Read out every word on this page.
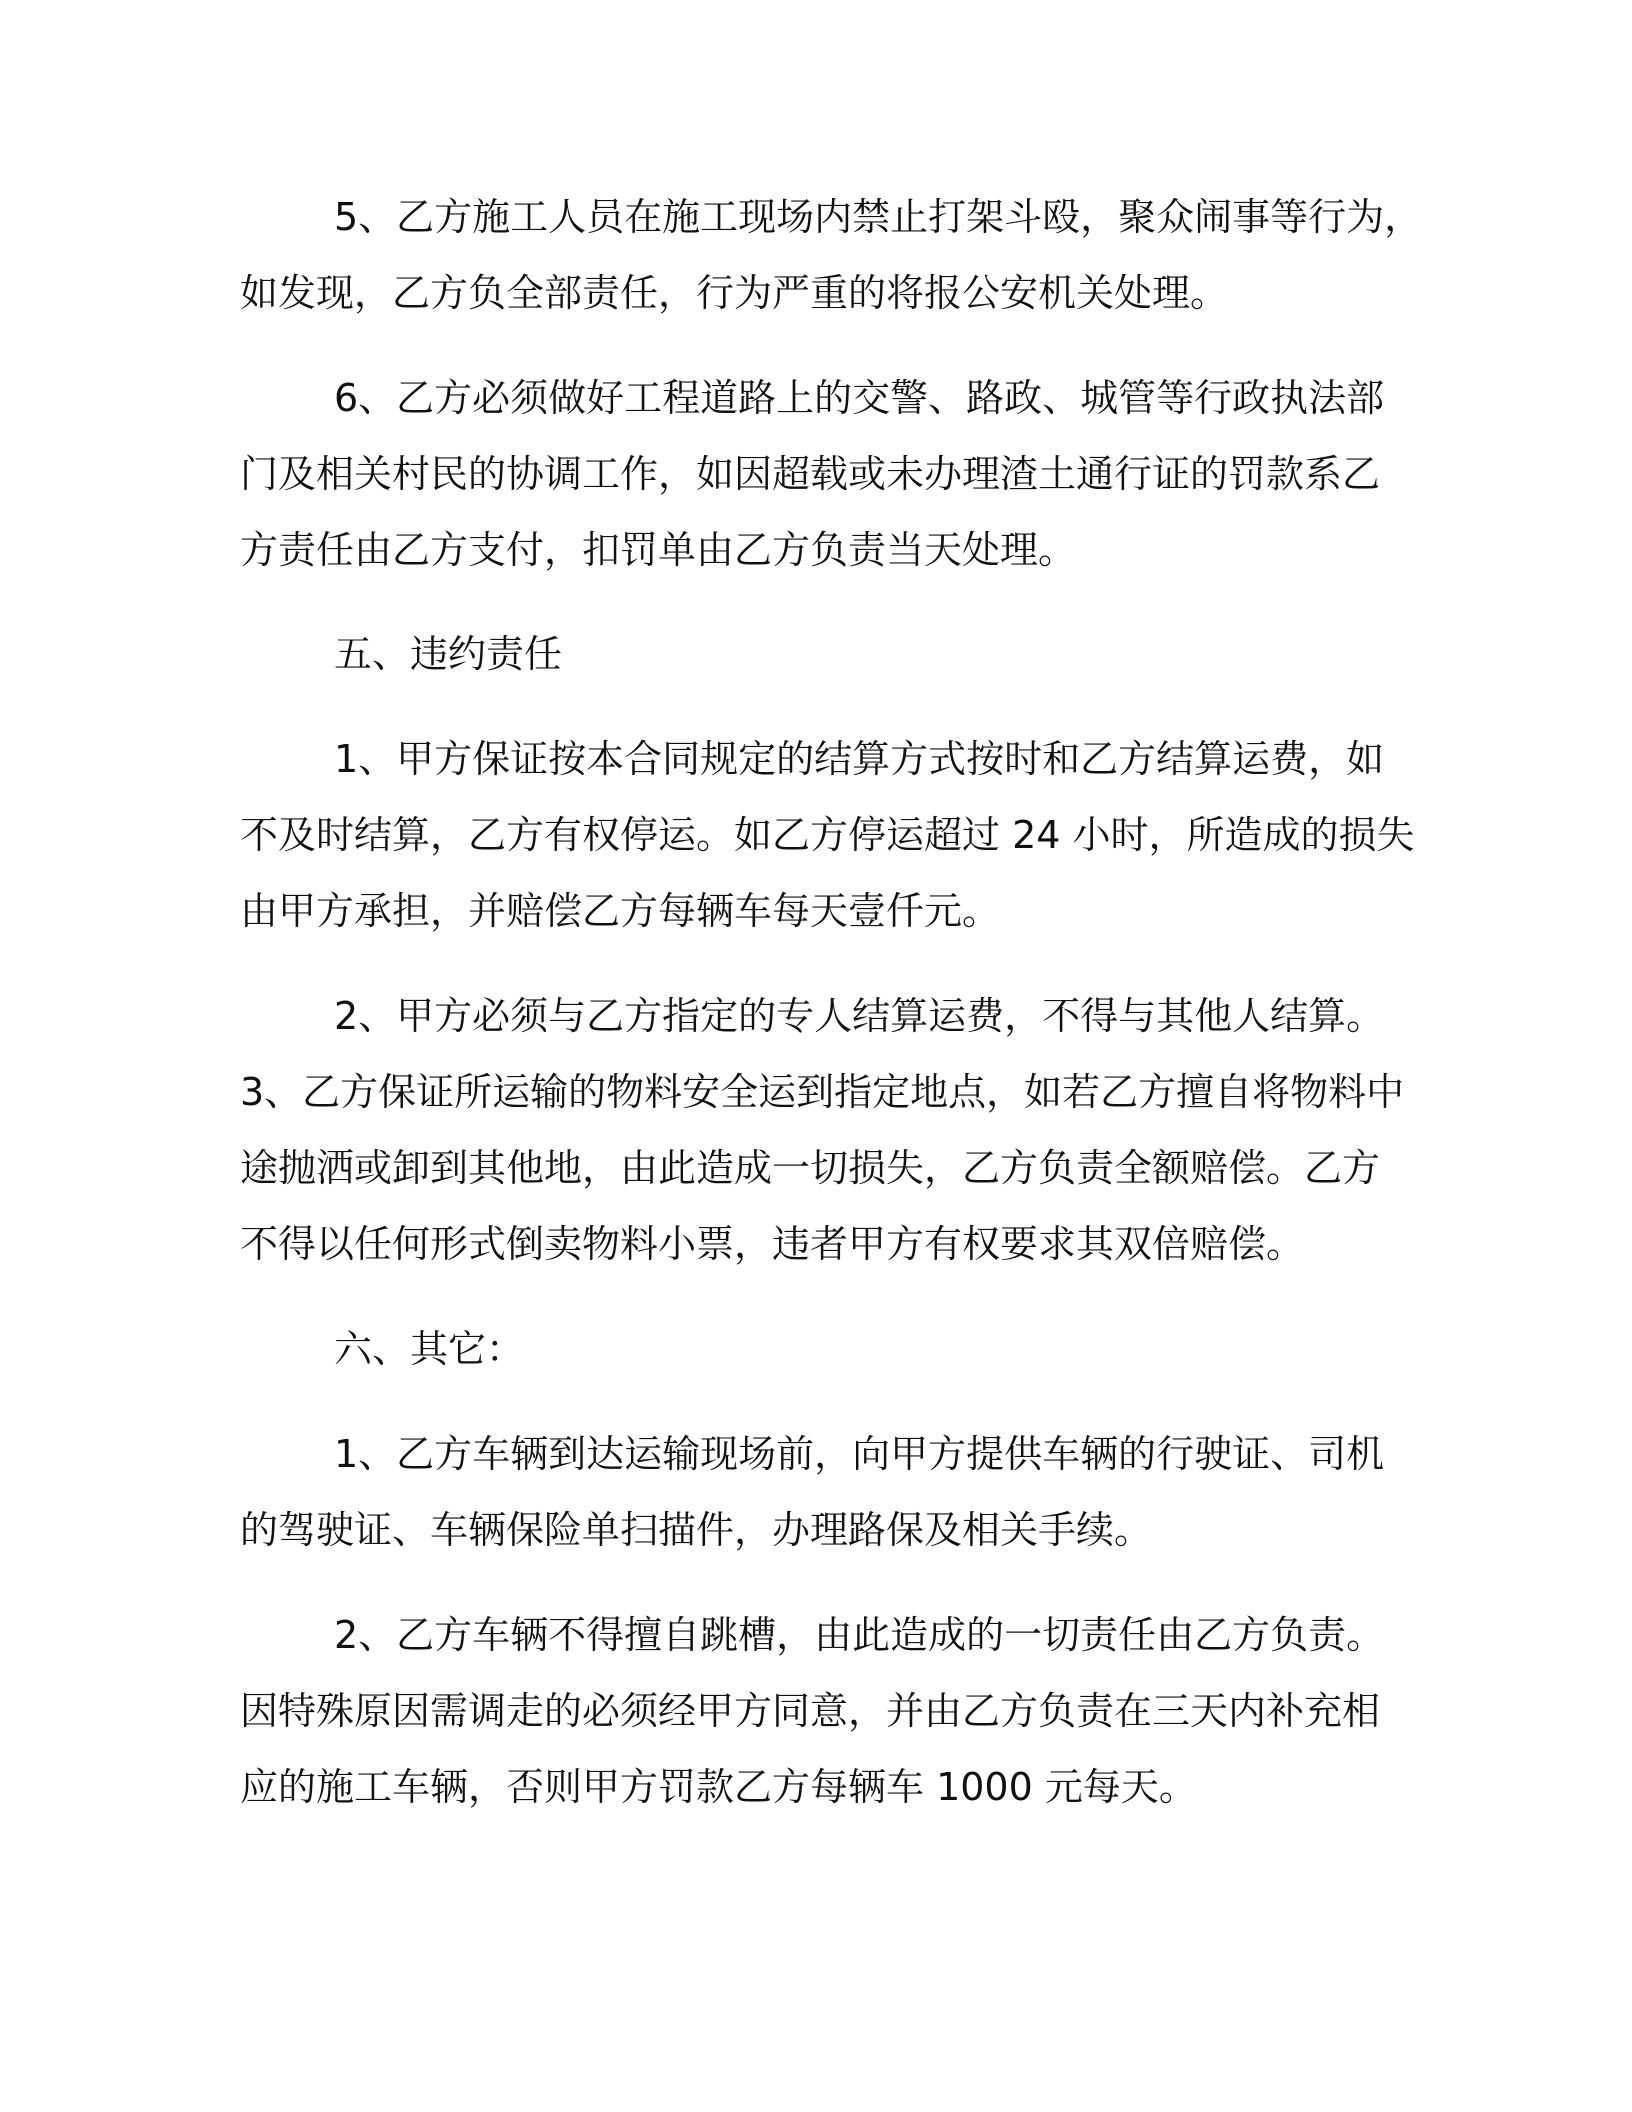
5、乙方施工人员在施工现场内禁止打架斗殴，聚众闹事等行为，
如发现，乙方负全部责任，行为严重的将报公安机关处理。
6、乙方必须做好工程道路上的交警、路政、城管等行政执法部
门及相关村民的协调工作，如因超载或未办理渣土通行证的罚款系乙
方责任由乙方支付，扣罚单由乙方负责当天处理。
五、违约责任
1、甲方保证按本合同规定的结算方式按时和乙方结算运费，如
不及时结算，乙方有权停运。如乙方停运超过 24 小时，所造成的损失
由甲方承担，并赔偿乙方每辆车每天壹仟元。
2、甲方必须与乙方指定的专人结算运费，不得与其他人结算。
3、乙方保证所运输的物料安全运到指定地点，如若乙方擅自将物料中
途抛洒或卸到其他地，由此造成一切损失，乙方负责全额赔偿。乙方
不得以任何形式倒卖物料小票，违者甲方有权要求其双倍赔偿。
六、其它：
1、乙方车辆到达运输现场前，向甲方提供车辆的行驶证、司机
的驾驶证、车辆保险单扫描件，办理路保及相关手续。
2、乙方车辆不得擅自跳槽，由此造成的一切责任由乙方负责。
因特殊原因需调走的必须经甲方同意，并由乙方负责在三天内补充相
应的施工车辆，否则甲方罚款乙方每辆车 1000 元每天。
